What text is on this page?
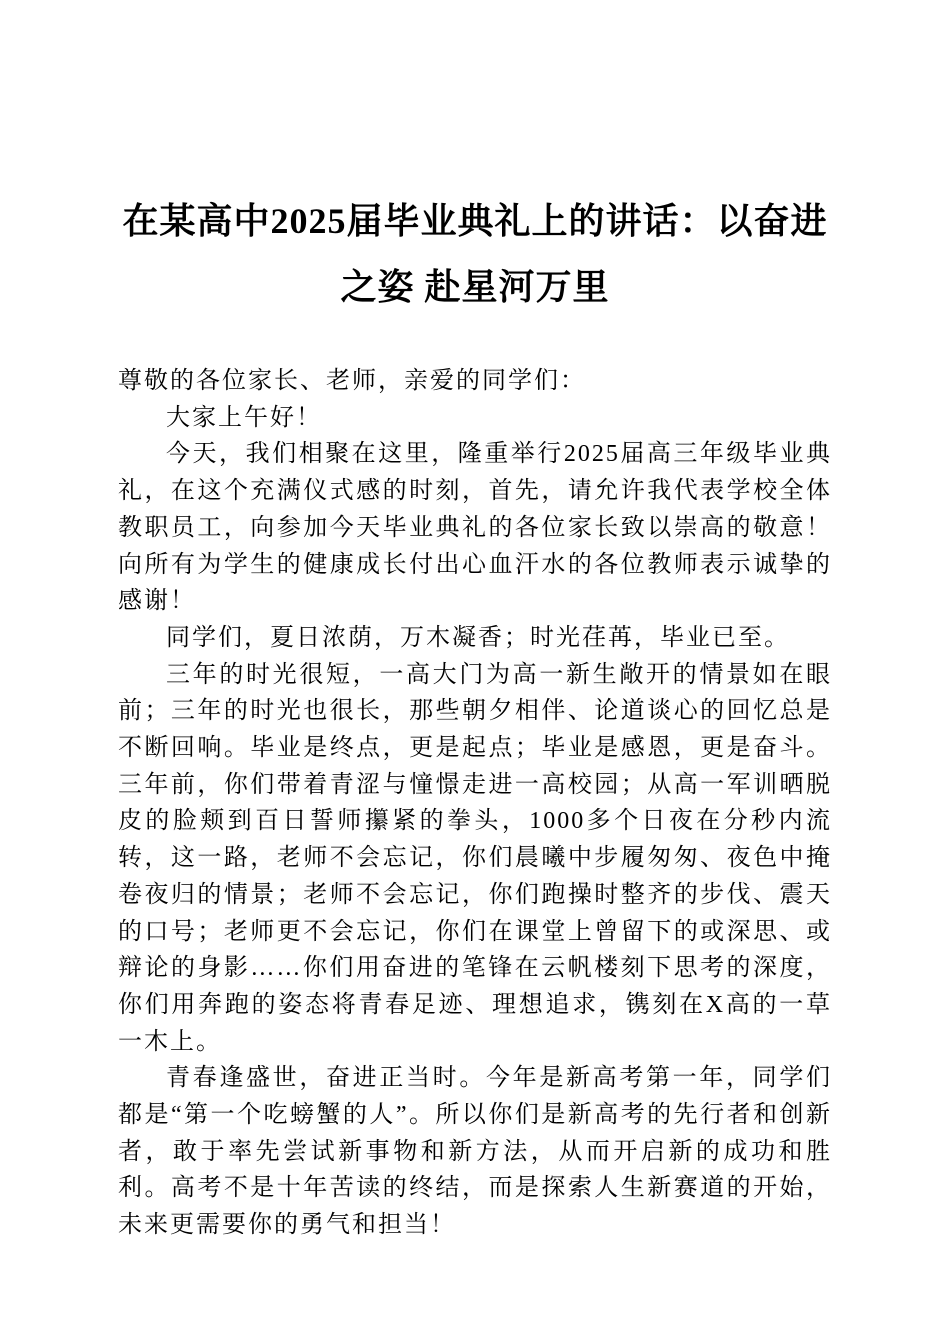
在某高中2025届毕业典礼上的讲话：以奋进之姿 赴星河万里

尊敬的各位家长、老师，亲爱的同学们：

大家上午好！

今天，我们相聚在这里，隆重举行2025届高三年级毕业典礼，在这个充满仪式感的时刻，首先，请允许我代表学校全体教职员工，向参加今天毕业典礼的各位家长致以崇高的敬意！向所有为学生的健康成长付出心血汗水的各位教师表示诚挚的感谢！

同学们，夏日浓荫，万木凝香；时光荏苒，毕业已至。

三年的时光很短，一高大门为高一新生敞开的情景如在眼前；三年的时光也很长，那些朝夕相伴、论道谈心的回忆总是不断回响。毕业是终点，更是起点；毕业是感恩，更是奋斗。三年前，你们带着青涩与憧憬走进一高校园；从高一军训晒脱皮的脸颊到百日誓师攥紧的拳头，1000多个日夜在分秒内流转，这一路，老师不会忘记，你们晨曦中步履匆匆、夜色中掩卷夜归的情景；老师不会忘记，你们跑操时整齐的步伐、震天的口号；老师更不会忘记，你们在课堂上曾留下的或深思、或辩论的身影……你们用奋进的笔锋在云帆楼刻下思考的深度，你们用奔跑的姿态将青春足迹、理想追求，镌刻在X高的一草一木上。

青春逢盛世，奋进正当时。今年是新高考第一年，同学们都是“第一个吃螃蟹的人”。所以你们是新高考的先行者和创新者，敢于率先尝试新事物和新方法，从而开启新的成功和胜利。高考不是十年苦读的终结，而是探索人生新赛道的开始，未来更需要你的勇气和担当！
